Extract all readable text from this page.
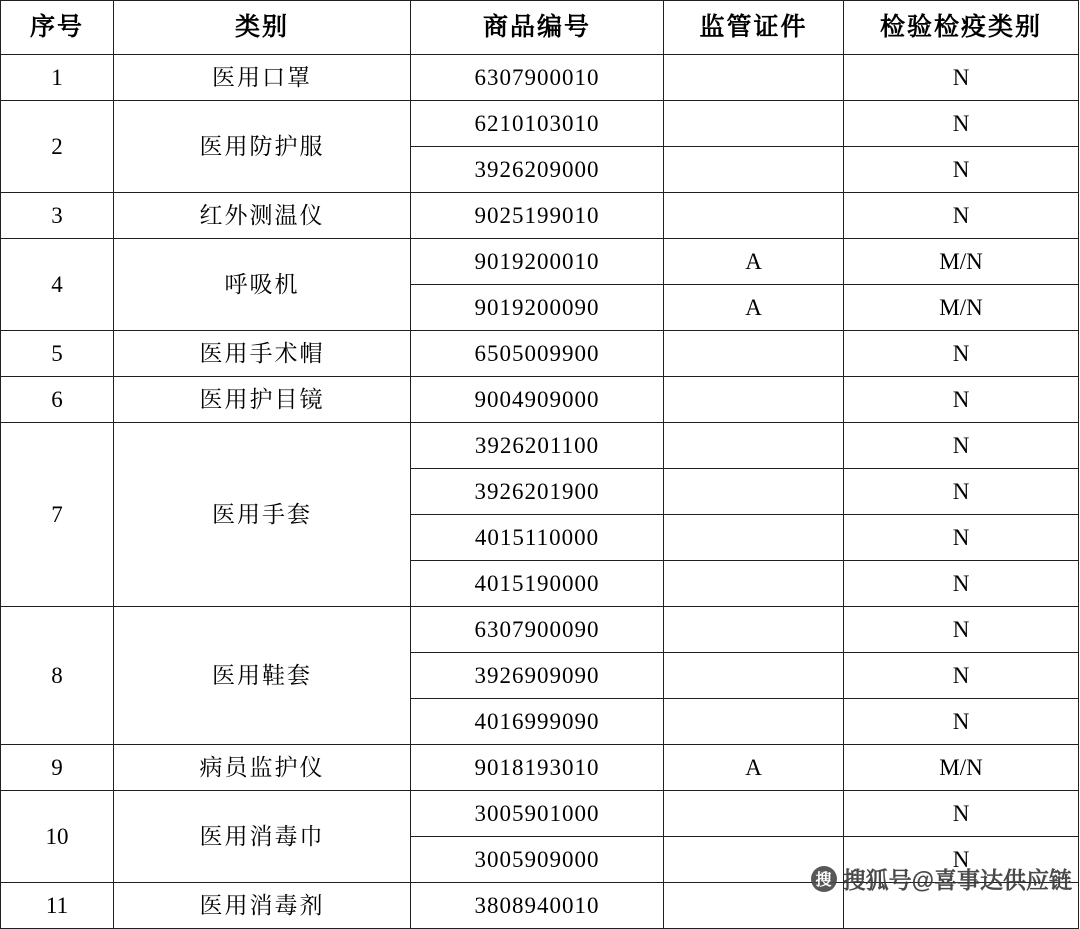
序号	类别	商品编号	监管证件	检验检疫类别
1	医用口罩	6307900010		N
2	医用防护服	6210103010		N
		3926209000		N
3	红外测温仪	9025199010		N
4	呼吸机	9019200010	A	M/N
		9019200090	A	M/N
5	医用手术帽	6505009900		N
6	医用护目镜	9004909000		N
7	医用手套	3926201100		N
		3926201900		N
		4015110000		N
		4015190000		N
8	医用鞋套	6307900090		N
		3926909090		N
		4016999090		N
9	病员监护仪	9018193010	A	M/N
10	医用消毒巾	3005901000		N
		3005909000		N
11	医用消毒剂	3808940010		
搜 搜狐号@喜事达供应链
